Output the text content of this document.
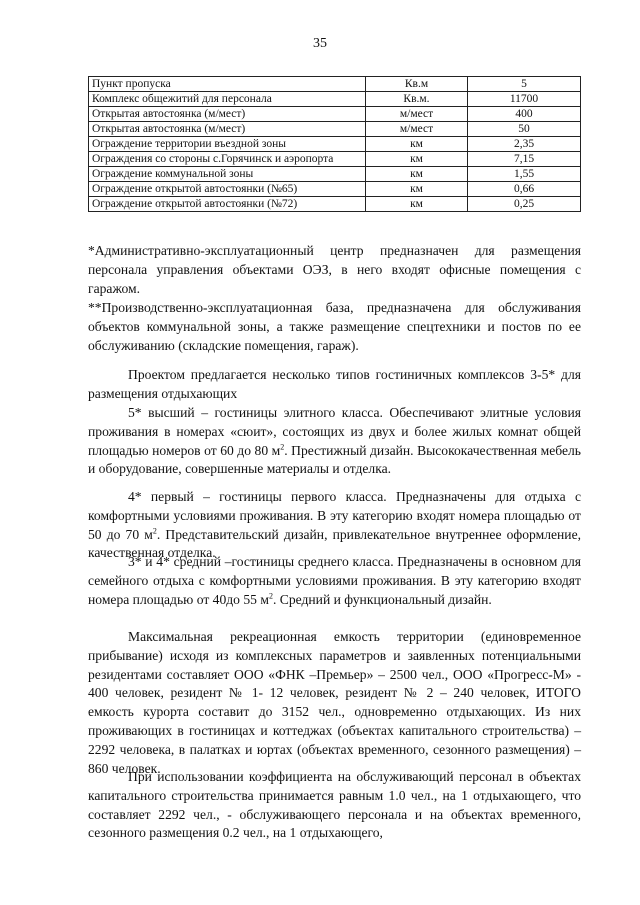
35
Пункт пропуска	Кв.м	5
Комплекс общежитий для персонала	Кв.м.	11700
Открытая автостоянка (м/мест)	м/мест	400
Открытая автостоянка (м/мест)	м/мест	50
Ограждение территории въездной зоны	км	2,35
Ограждения со стороны с.Горячинск и аэропорта	км	7,15
Ограждение коммунальной зоны	км	1,55
Ограждение открытой автостоянки (№65)	км	0,66
Ограждение открытой автостоянки (№72)	км	0,25

*Административно-эксплуатационный центр предназначен для размещения персонала управления объектами ОЭЗ, в него входят офисные помещения с гаражом.

**Производственно-эксплуатационная база, предназначена для обслуживания объектов коммунальной зоны, а также размещение спецтехники и постов по ее обслуживанию (складские помещения, гараж).

Проектом предлагается несколько типов гостиничных комплексов 3-5* для размещения отдыхающих

5* высший – гостиницы элитного класса. Обеспечивают элитные условия проживания в номерах «сюит», состоящих из двух и более жилых комнат общей площадью номеров от 60 до 80 $м^2$. Престижный дизайн. Высококачественная мебель и оборудование, совершенные материалы и отделка.

4* первый – гостиницы первого класса. Предназначены для отдыха с комфортными условиями проживания. В эту категорию входят номера площадью от 50 до 70 $м^2$. Представительский дизайн, привлекательное внутреннее оформление, качественная отделка.

3* и 4* средний –гостиницы среднего класса. Предназначены в основном для семейного отдыха с комфортными условиями проживания. В эту категорию входят номера площадью от 40до 55 $м^2$. Средний и функциональный дизайн.

Максимальная рекреационная емкость территории (единовременное прибывание) исходя из комплексных параметров и заявленных потенциальными резидентами составляет ООО «ФНК –Премьер» – 2500 чел., ООО «Прогресс-М» - 400 человек, резидент № 1- 12 человек, резидент № 2 – 240 человек, ИТОГО емкость курорта составит до 3152 чел., одновременно отдыхающих. Из них проживающих в гостиницах и коттеджах (объектах капитального строительства) – 2292 человека, в палатках и юртах (объектах временного, сезонного размещения) – 860 человек.

При использовании коэффициента на обслуживающий персонал в объектах капитального строительства принимается равным 1.0 чел., на 1 отдыхающего, что составляет 2292 чел., - обслуживающего персонала и на объектах временного, сезонного размещения 0.2 чел., на 1 отдыхающего,
